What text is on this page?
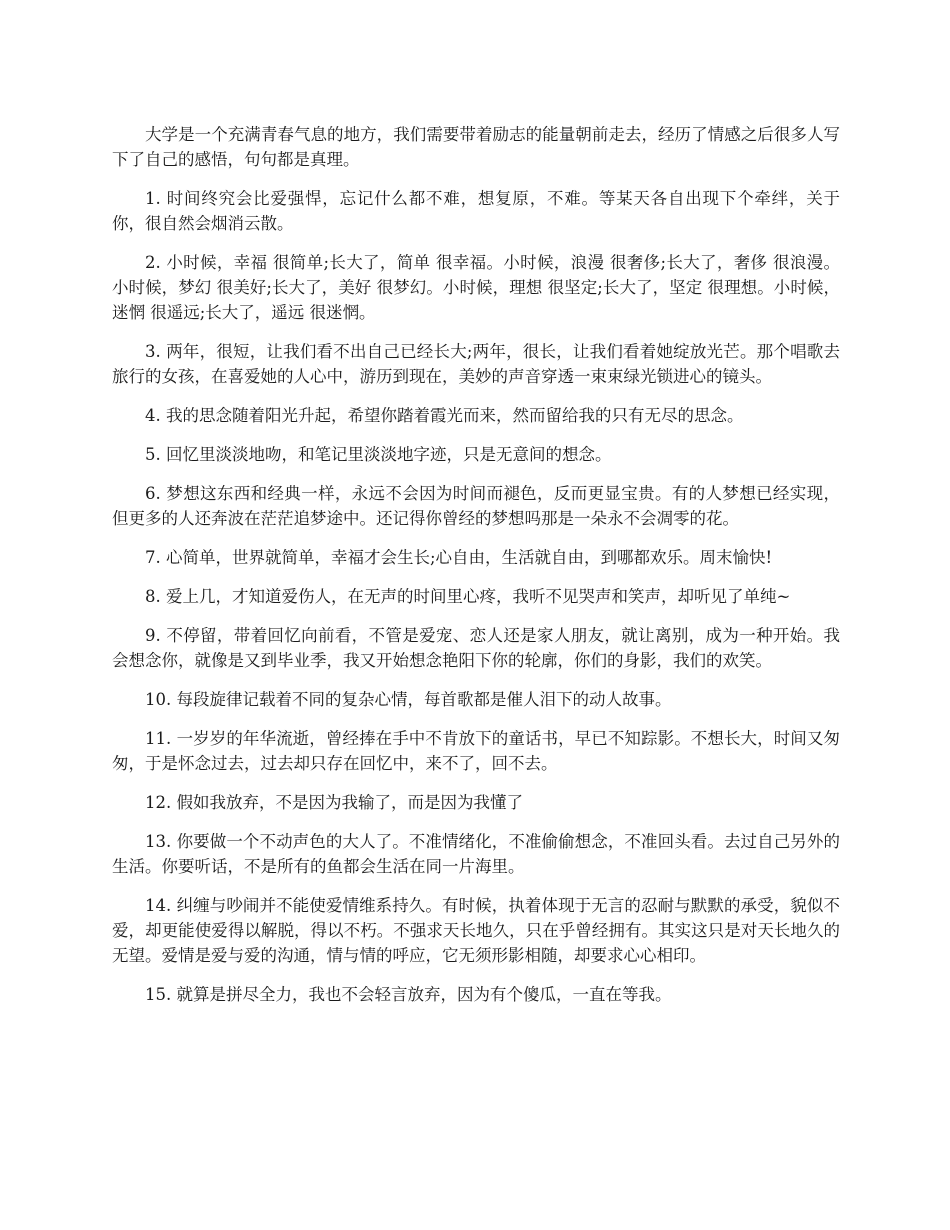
大学是一个充满青春气息的地方，我们需要带着励志的能量朝前走去，经历了情感之后很多人写下了自己的感悟，句句都是真理。

1. 时间终究会比爱强悍，忘记什么都不难，想复原，不难。等某天各自出现下个牵绊，关于你，很自然会烟消云散。

2. 小时候，幸福 很简单;长大了，简单 很幸福。小时候，浪漫 很奢侈;长大了，奢侈 很浪漫。小时候，梦幻 很美好;长大了，美好 很梦幻。小时候，理想 很坚定;长大了，坚定 很理想。小时候，迷惘 很遥远;长大了，遥远 很迷惘。

3. 两年，很短，让我们看不出自己已经长大;两年，很长，让我们看着她绽放光芒。那个唱歌去旅行的女孩，在喜爱她的人心中，游历到现在，美妙的声音穿透一束束绿光锁进心的镜头。

4. 我的思念随着阳光升起，希望你踏着霞光而来，然而留给我的只有无尽的思念。

5. 回忆里淡淡地吻，和笔记里淡淡地字迹，只是无意间的想念。

6. 梦想这东西和经典一样，永远不会因为时间而褪色，反而更显宝贵。有的人梦想已经实现，但更多的人还奔波在茫茫追梦途中。还记得你曾经的梦想吗那是一朵永不会凋零的花。

7. 心简单，世界就简单，幸福才会生长;心自由，生活就自由，到哪都欢乐。周末愉快!

8. 爱上几，才知道爱伤人，在无声的时间里心疼，我听不见哭声和笑声，却听见了单纯~

9. 不停留，带着回忆向前看，不管是爱宠、恋人还是家人朋友，就让离别，成为一种开始。我会想念你，就像是又到毕业季，我又开始想念艳阳下你的轮廓，你们的身影，我们的欢笑。

10. 每段旋律记载着不同的复杂心情，每首歌都是催人泪下的动人故事。

11. 一岁岁的年华流逝，曾经捧在手中不肯放下的童话书，早已不知踪影。不想长大，时间又匆匆，于是怀念过去，过去却只存在回忆中，来不了，回不去。

12. 假如我放弃，不是因为我输了，而是因为我懂了

13. 你要做一个不动声色的大人了。不准情绪化，不准偷偷想念，不准回头看。去过自己另外的生活。你要听话，不是所有的鱼都会生活在同一片海里。

14. 纠缠与吵闹并不能使爱情维系持久。有时候，执着体现于无言的忍耐与默默的承受，貌似不爱，却更能使爱得以解脱，得以不朽。不强求天长地久，只在乎曾经拥有。其实这只是对天长地久的无望。爱情是爱与爱的沟通，情与情的呼应，它无须形影相随，却要求心心相印。

15. 就算是拼尽全力，我也不会轻言放弃，因为有个傻瓜，一直在等我。
